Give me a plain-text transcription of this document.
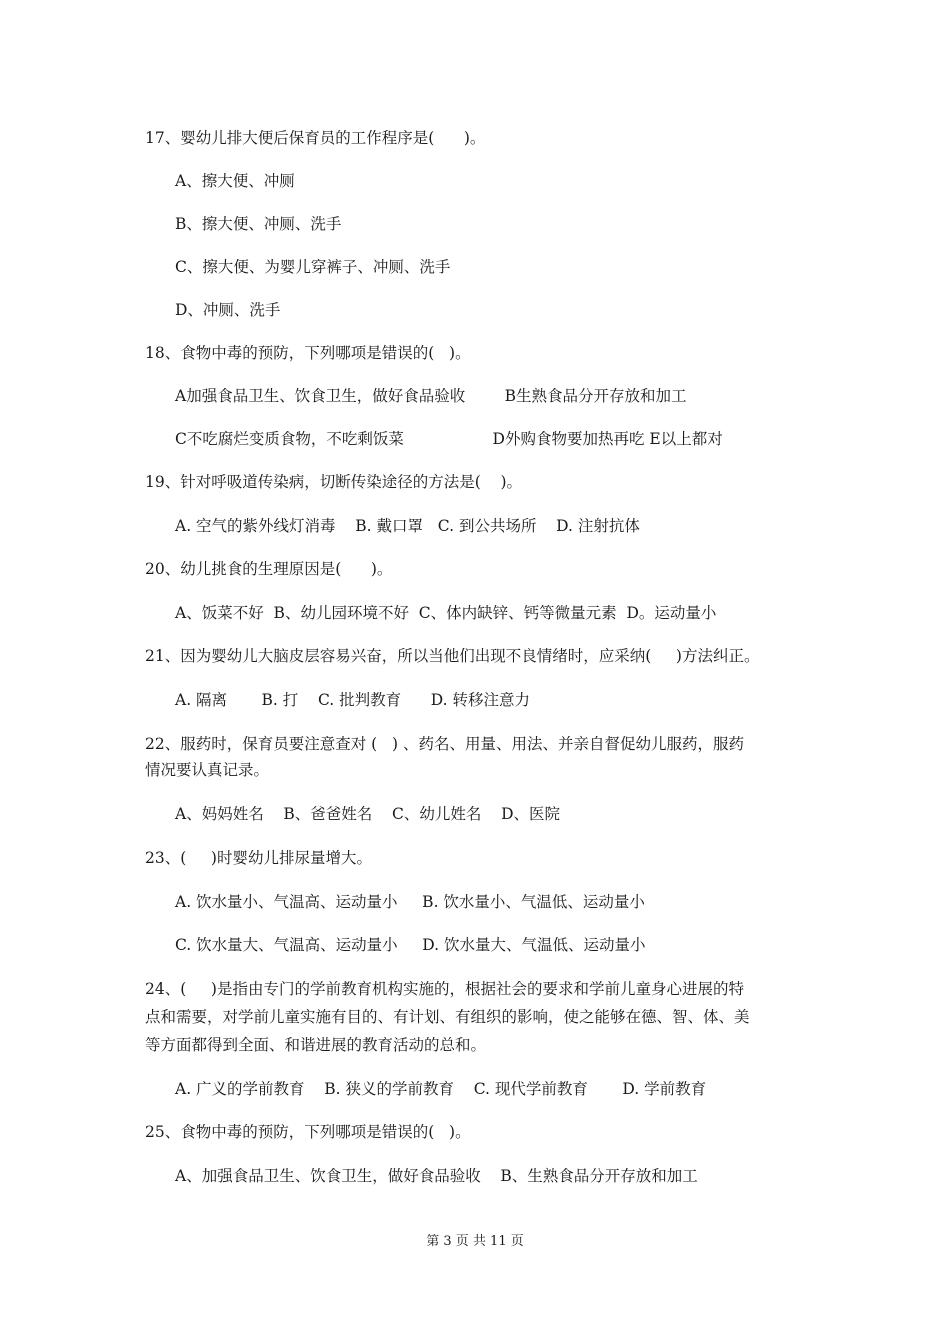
17、婴幼儿排大便后保育员的工作程序是(      )。
A、擦大便、冲厕
B、擦大便、冲厕、洗手
C、擦大便、为婴儿穿裤子、冲厕、洗手
D、冲厕、洗手
18、食物中毒的预防，下列哪项是错误的(   )。
A加强食品卫生、饮食卫生，做好食品验收        B生熟食品分开存放和加工
C不吃腐烂变质食物，不吃剩饭菜                  D外购食物要加热再吃 E以上都对
19、针对呼吸道传染病，切断传染途径的方法是(    )。
A. 空气的紫外线灯消毒    B. 戴口罩   C. 到公共场所    D. 注射抗体
20、幼儿挑食的生理原因是(      )。
A、饭菜不好  B、幼儿园环境不好  C、体内缺锌、钙等微量元素  D。运动量小
21、因为婴幼儿大脑皮层容易兴奋，所以当他们出现不良情绪时，应采纳(     )方法纠正。
A. 隔离       B. 打    C. 批判教育      D. 转移注意力
22、服药时，保育员要注意查对 (   ) 、药名、用量、用法、并亲自督促幼儿服药，服药
情况要认真记录。
A、妈妈姓名    B、爸爸姓名    C、幼儿姓名    D、医院
23、(     )时婴幼儿排尿量增大。
A. 饮水量小、气温高、运动量小     B. 饮水量小、气温低、运动量小
C. 饮水量大、气温高、运动量小     D. 饮水量大、气温低、运动量小
24、(     )是指由专门的学前教育机构实施的，根据社会的要求和学前儿童身心进展的特
点和需要，对学前儿童实施有目的、有计划、有组织的影响，使之能够在德、智、体、美
等方面都得到全面、和谐进展的教育活动的总和。
A. 广义的学前教育    B. 狭义的学前教育    C. 现代学前教育       D. 学前教育
25、食物中毒的预防，下列哪项是错误的(   )。
A、加强食品卫生、饮食卫生，做好食品验收    B、生熟食品分开存放和加工
第 3 页 共 11 页
